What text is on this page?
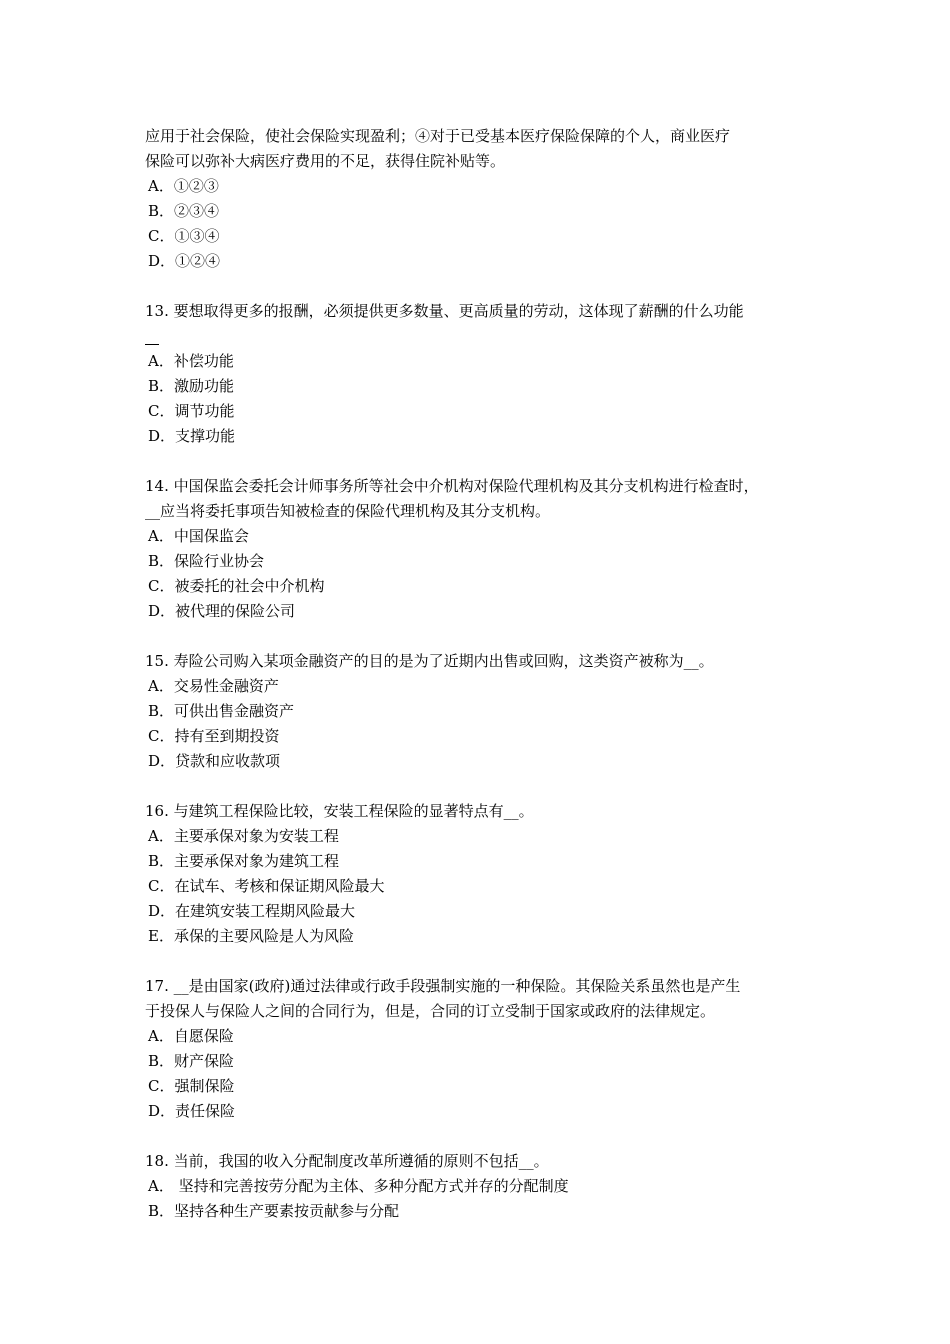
应用于社会保险，使社会保险实现盈利；④对于已受基本医疗保险保障的个人，商业医疗
保险可以弥补大病医疗费用的不足，获得住院补贴等。
A．①②③
B．②③④
C．①③④
D．①②④
13. 要想取得更多的报酬，必须提供更多数量、更高质量的劳动，这体现了薪酬的什么功能
A．补偿功能
B．激励功能
C．调节功能
D．支撑功能
14. 中国保监会委托会计师事务所等社会中介机构对保险代理机构及其分支机构进行检查时，
__应当将委托事项告知被检查的保险代理机构及其分支机构。
A．中国保监会
B．保险行业协会
C．被委托的社会中介机构
D．被代理的保险公司
15. 寿险公司购入某项金融资产的目的是为了近期内出售或回购，这类资产被称为__。
A．交易性金融资产
B．可供出售金融资产
C．持有至到期投资
D．贷款和应收款项
16. 与建筑工程保险比较，安装工程保险的显著特点有__。
A．主要承保对象为安装工程
B．主要承保对象为建筑工程
C．在试车、考核和保证期风险最大
D．在建筑安装工程期风险最大
E．承保的主要风险是人为风险
17. __是由国家(政府)通过法律或行政手段强制实施的一种保险。其保险关系虽然也是产生
于投保人与保险人之间的合同行为，但是，合同的订立受制于国家或政府的法律规定。
A．自愿保险
B．财产保险
C．强制保险
D．责任保险
18. 当前，我国的收入分配制度改革所遵循的原则不包括__。
A． 坚持和完善按劳分配为主体、多种分配方式并存的分配制度
B．坚持各种生产要素按贡献参与分配
